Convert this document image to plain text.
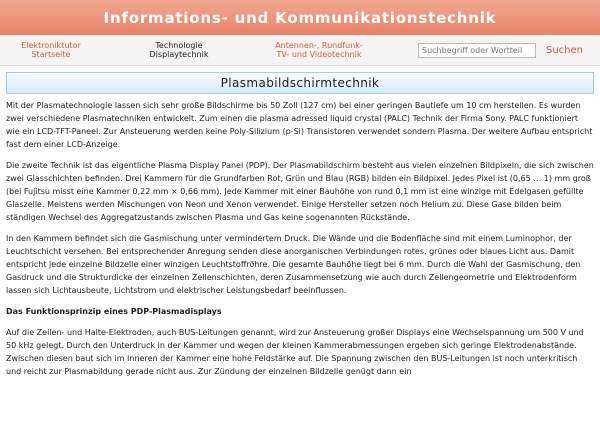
Informations- und Kommunikationstechnik
Elektroniktutor
Startseite
Technologie
Displaytechnik
Antennen-, Rundfunk-
TV- und Videotechnik
Suchbegriff oder Wortteil	Suchen
Plasmabildschirmtechnik

Mit der Plasmatechnologie lassen sich sehr große Bildschirme bis 50 Zoll (127 cm) bei einer geringen Bautiefe um 10 cm herstellen. Es wurden zwei verschiedene Plasmatechniken entwickelt. Zum einen die plasma adressed liquid crystal (PALC) Technik der Firma Sony. PALC funktioniert wie ein LCD-TFT-Paneel. Zur Ansteuerung werden keine Poly-Silizium (p-Si) Transistoren verwendet sondern Plasma. Der weitere Aufbau entspricht fast dem einer LCD-Anzeige.

Die zweite Technik ist das eigentliche Plasma Display Panel (PDP). Der Plasmabildschirm besteht aus vielen einzelnen Bildpixeln, die sich zwischen zwei Glasschichten befinden. Drei Kammern für die Grundfarben Rot, Grün und Blau (RGB) bilden ein Bildpixel. Jedes Pixel ist (0,65 … 1) mm groß (bei Fujitsu misst eine Kammer 0,22 mm × 0,66 mm). Jede Kammer mit einer Bauhöhe von rund 0,1 mm ist eine winzige mit Edelgasen gefüllte Glaszelle. Meistens werden Mischungen von Neon und Xenon verwendet. Einige Hersteller setzen noch Helium zu. Diese Gase bilden beim ständigen Wechsel des Aggregatzustands zwischen Plasma und Gas keine sogenannten Rückstände.

In den Kammern befindet sich die Gasmischung unter vermindertem Druck. Die Wände und die Bodenfläche sind mit einem Luminophor, der Leuchtschicht versehen. Bei entsprechender Anregung senden diese anorganischen Verbindungen rotes, grünes oder blaues Licht aus. Damit entspricht jede einzelne Bildzelle einer winzigen Leuchtstoffröhre. Die gesamte Bauhöhe liegt bei 6 mm. Durch die Wahl der Gasmischung, den Gasdruck und die Strukturdicke der einzelnen Zellenschichten, deren Zusammensetzung wie auch durch Zellengeometrie und Elektrodenform lassen sich Lichtausbeute, Lichtstrom und elektrischer Leistungsbedarf beeinflussen.

Das Funktionsprinzip eines PDP-Plasmadisplays

Auf die Zeilen- und Halte-Elektroden, auch BUS-Leitungen genannt, wird zur Ansteuerung großer Displays eine Wechselspannung um 500 V und 50 kHz gelegt. Durch den Unterdruck in der Kammer und wegen der kleinen Kammerabmessungen ergeben sich geringe Elektrodenabstände. Zwischen diesen baut sich im Inneren der Kammer eine hohe Feldstärke auf. Die Spannung zwischen den BUS-Leitungen ist noch unterkritisch und reicht zur Plasmabildung gerade nicht aus. Zur Zündung der einzelnen Bildzelle genügt dann ein
